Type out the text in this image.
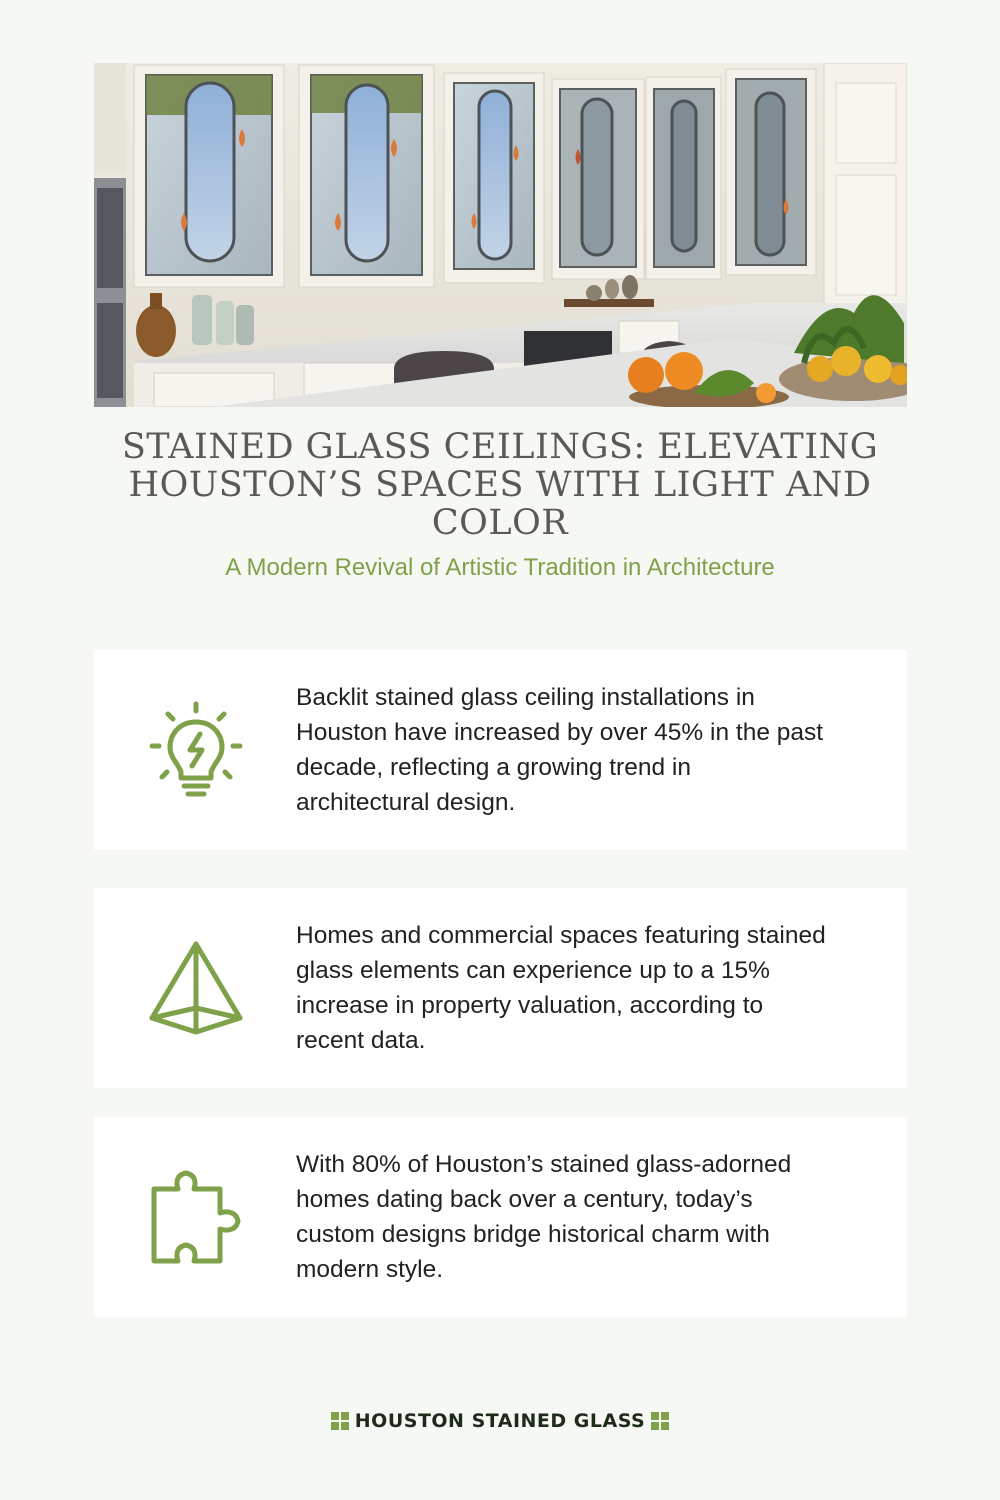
STAINED GLASS CEILINGS: ELEVATING HOUSTON’S SPACES WITH LIGHT AND COLOR

A Modern Revival of Artistic Tradition in Architecture

Backlit stained glass ceiling installations in Houston have increased by over 45% in the past decade, reflecting a growing trend in architectural design.
Homes and commercial spaces featuring stained glass elements can experience up to a 15% increase in property valuation, according to recent data.
With 80% of Houston’s stained glass-adorned homes dating back over a century, today’s custom designs bridge historical charm with modern style.
HOUSTON STAINED GLASS
